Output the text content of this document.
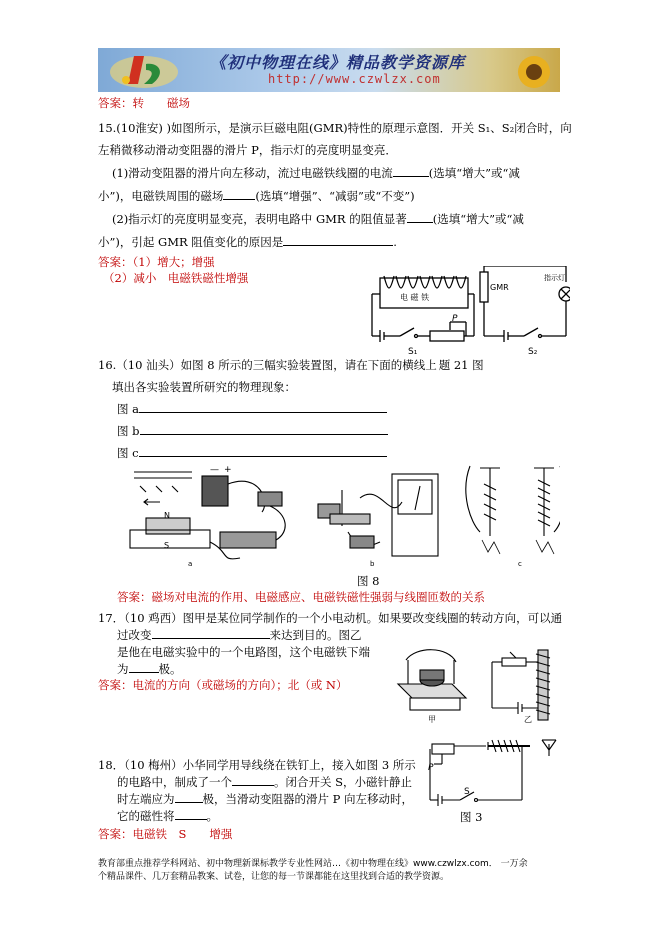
《初中物理在线》精品教学资源库
http://www.czwlzx.com
答案：转　　磁场
15.(10淮安) )如图所示，是演示巨磁电阻(GMR)特性的原理示意图．开关 S₁、S₂闭合时，向
左稍微移动滑动变阻器的滑片 P，指示灯的亮度明显变亮．
(1)滑动变阻器的滑片向左移动，流过电磁铁线圈的电流	(选填“增大”或“减
小”)，电磁铁周围的磁场	(选填“增强”、“减弱”或“不变”)
(2)指示灯的亮度明显变亮，表明电路中 GMR 的阻值显著 (选填“增大”或“减
小”)，引起 GMR 阻值变化的原因是	.
答案：（1）增大；增强
（2）减小　电磁铁磁性增强
电 磁 铁
GMR
指示灯
P
S₁	S₂
16.（10 汕头）如图 8 所示的三幅实验装置图，请在下面的横线上 题 21 图
填出各实验装置所研究的物理现象：
图 a
图 b
图 c
— +
N
S
a	b	c
图 8
答案：磁场对电流的作用、电磁感应、电磁铁磁性强弱与线圈匝数的关系
17．（10 鸡西）图甲是某位同学制作的一个小电动机。如果要改变线圈的转动方向，可以通
过改变	来达到目的。图乙
是他在电磁实验中的一个电路图，这个电磁铁下端
为	极。
答案：电流的方向（或磁场的方向）；北（或 N）
甲	乙
18．（10 梅州）小华同学用导线绕在铁钉上，接入如图 3 所示
的电路中，制成了一个	。闭合开关 S，小磁针静止
时左端应为 极，当滑动变阻器的滑片 P 向左移动时，
它的磁性将	。
答案：电磁铁　S　　增强
P
S
图 3
教育部重点推荐学科网站、初中物理新课标教学专业性网站…《初中物理在线》www.czwlzx.com． 一万余
个精品课件、几万套精品教案、试卷，让您的每一节课都能在这里找到合适的教学资源。
